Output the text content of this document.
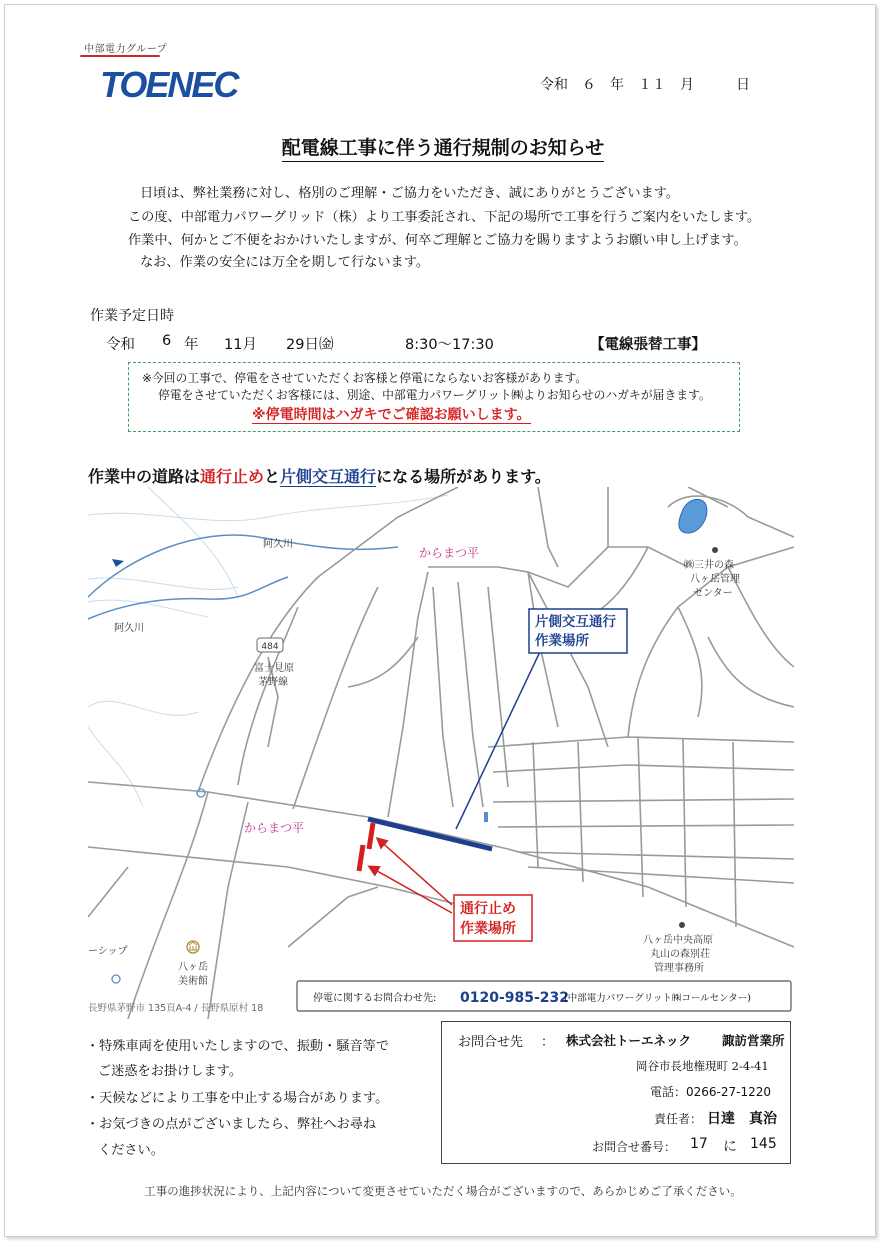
中部電力グループ
TOENEC	令和　６　年　１１　月　　　日
配電線工事に伴う通行規制のお知らせ
日頃は、弊社業務に対し、格別のご理解・ご協力をいただき、誠にありがとうございます。
この度、中部電力パワーグリッド（株）より工事委託され、下記の場所で工事を行うご案内をいたします。
作業中、何かとご不便をおかけいたしますが、何卒ご理解とご協力を賜りますようお願い申し上げます。
なお、作業の安全には万全を期して行ないます。
作業予定日時
令和 6 年 11月 29日㈮	8:30〜17:30	【電線張替工事】
※今回の工事で、停電をさせていただくお客様と停電にならないお客様があります。
停電をさせていただくお客様には、別途、中部電力パワーグリット㈱よりお知らせのハガキが届きます。
※停電時間はハガキでご確認お願いします。
作業中の道路は通行止めと片側交互通行になる場所があります。
484
からまつ平
からまつ平
阿久川
阿久川
富士見原
茅野線
㈱三井の森
八ヶ岳管理
センター
八ヶ岳中央高原
丸山の森別荘
管理事務所
八ヶ岳
美術館
ーシップ
長野県茅野市 135頁A-4 / 長野県原村 18
片側交互通行
作業場所
通行止め
作業場所
停電に関するお問合わせ先: 0120-985-232
(中部電力パワーグリット㈱コールセンター)
・特殊車両を使用いたしますので、振動・騒音等で
ご迷惑をお掛けします。
・天候などにより工事を中止する場合があります。
・お気づきの点がございましたら、弊社へお尋ね
ください。
お問合せ先 ： 株式会社トーエネック 諏訪営業所
岡谷市長地権現町 2-4-41
電話：0266-27-1220
責任者： 日達　真治
お問合せ番号： 17 に 145
工事の進捗状況により、上記内容について変更させていただく場合がございますので、あらかじめご了承ください。
